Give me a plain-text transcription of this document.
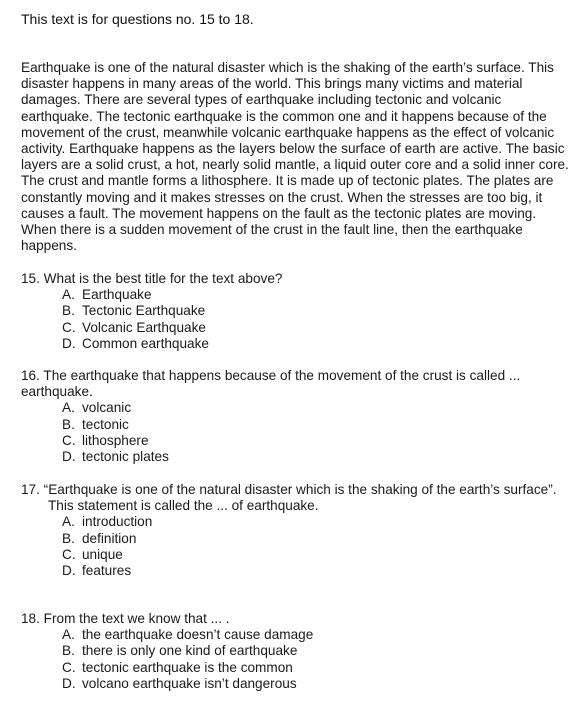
This text is for questions no. 15 to 18.

Earthquake is one of the natural disaster which is the shaking of the earth’s surface. This disaster happens in many areas of the world. This brings many victims and material damages. There are several types of earthquake including tectonic and volcanic earthquake. The tectonic earthquake is the common one and it happens because of the movement of the crust, meanwhile volcanic earthquake happens as the effect of volcanic activity. Earthquake happens as the layers below the surface of earth are active. The basic layers are a solid crust, a hot, nearly solid mantle, a liquid outer core and a solid inner core. The crust and mantle forms a lithosphere. It is made up of tectonic plates. The plates are constantly moving and it makes stresses on the crust. When the stresses are too big, it causes a fault. The movement happens on the fault as the tectonic plates are moving. When there is a sudden movement of the crust in the fault line, then the earthquake happens.

15. What is the best title for the text above?

A. Earthquake
B. Tectonic Earthquake
C. Volcanic Earthquake
D. Common earthquake

16. The earthquake that happens because of the movement of the crust is called ... earthquake.

A. volcanic
B. tectonic
C. lithosphere
D. tectonic plates

17. “Earthquake is one of the natural disaster which is the shaking of the earth’s surface”.

This statement is called the ... of earthquake.

A. introduction
B. definition
C. unique
D. features

18. From the text we know that ... .

A. the earthquake doesn’t cause damage
B. there is only one kind of earthquake
C. tectonic earthquake is the common
D. volcano earthquake isn’t dangerous
